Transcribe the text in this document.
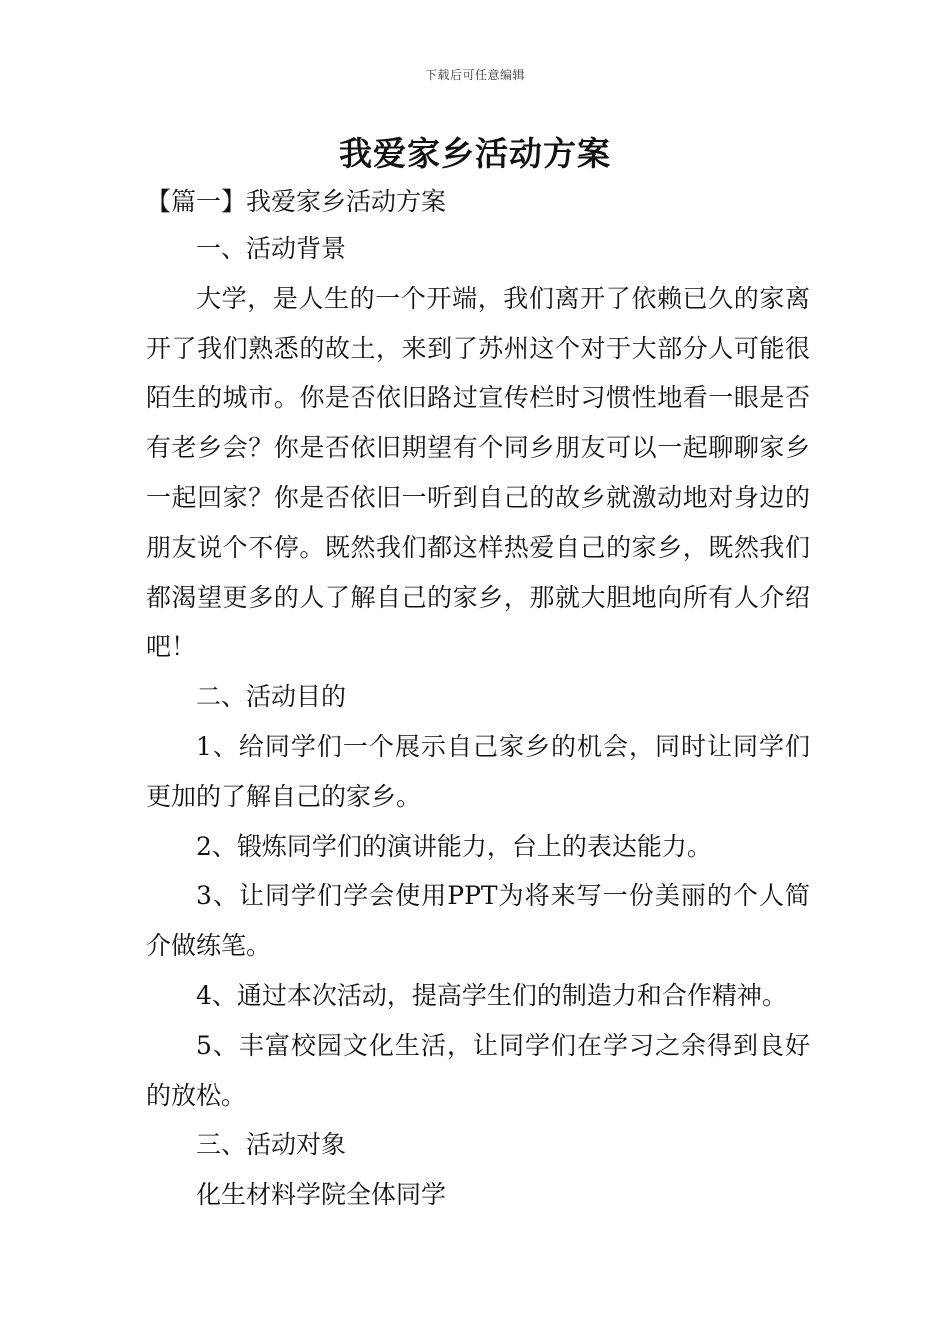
下载后可任意编辑
我爱家乡活动方案
【篇一】我爱家乡活动方案

一、活动背景

大学，是人生的一个开端，我们离开了依赖已久的家离开了我们熟悉的故土，来到了苏州这个对于大部分人可能很陌生的城市。你是否依旧路过宣传栏时习惯性地看一眼是否有老乡会？你是否依旧期望有个同乡朋友可以一起聊聊家乡一起回家？你是否依旧一听到自己的故乡就激动地对身边的朋友说个不停。既然我们都这样热爱自己的家乡，既然我们都渴望更多的人了解自己的家乡，那就大胆地向所有人介绍吧！

二、活动目的

1、给同学们一个展示自己家乡的机会，同时让同学们更加的了解自己的家乡。

2、锻炼同学们的演讲能力，台上的表达能力。

3、让同学们学会使用PPT为将来写一份美丽的个人简介做练笔。

4、通过本次活动，提高学生们的制造力和合作精神。

5、丰富校园文化生活，让同学们在学习之余得到良好的放松。

三、活动对象

化生材料学院全体同学
